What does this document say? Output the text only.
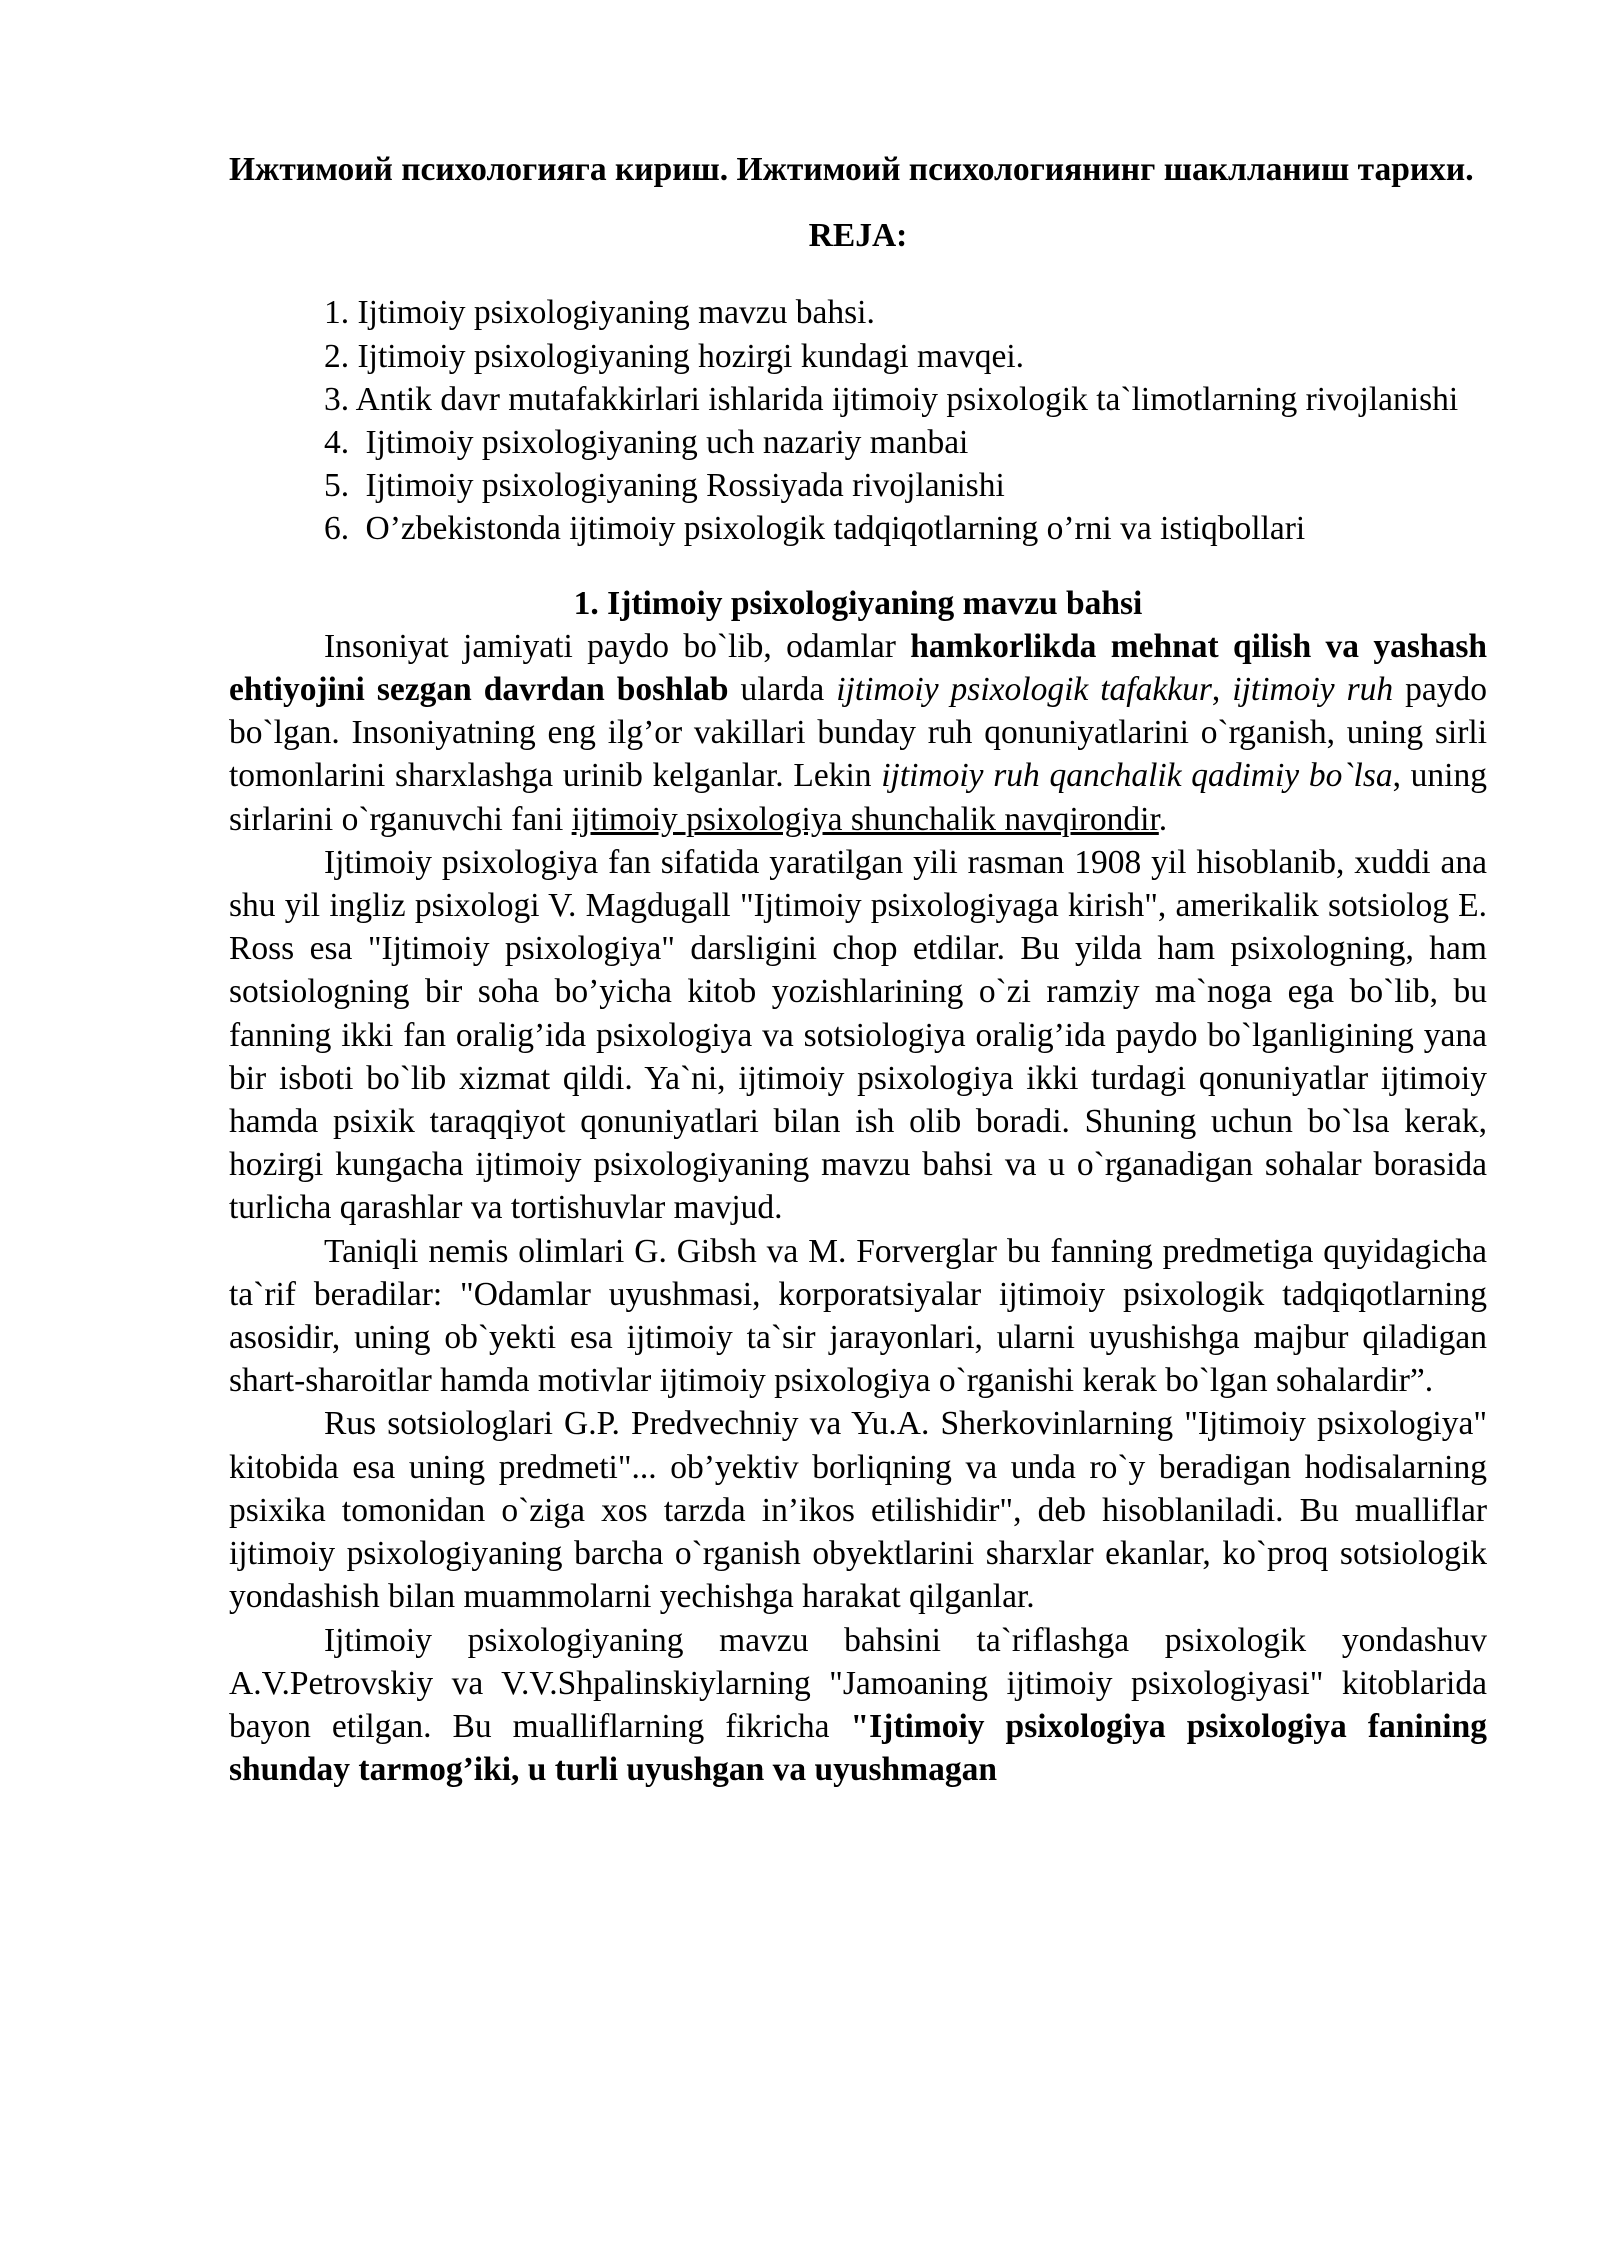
Ижтимоий психологияга кириш. Ижтимоий психологиянинг шаклланиш тарихи.

REJA:

1. Ijtimoiy psixologiyaning mavzu bahsi.

2. Ijtimoiy psixologiyaning hozirgi kundagi mavqei.

3. Antik davr mutafakkirlari ishlarida ijtimoiy psixologik ta`limotlarning rivojlanishi

4. Ijtimoiy psixologiyaning uch nazariy manbai

5. Ijtimoiy psixologiyaning Rossiyada rivojlanishi

6. O’zbekistonda ijtimoiy psixologik tadqiqotlarning o’rni va istiqbollari

1. Ijtimoiy psixologiyaning mavzu bahsi

Insoniyat jamiyati paydo bo`lib, odamlar hamkorlikda mehnat qilish va yashash ehtiyojini sezgan davrdan boshlab ularda ijtimoiy psixologik tafakkur, ijtimoiy ruh paydo bo`lgan. Insoniyatning eng ilg’or vakillari bunday ruh qonuniyatlarini o`rganish, uning sirli tomonlarini sharxlashga urinib kelganlar. Lekin ijtimoiy ruh qanchalik qadimiy bo`lsa, uning sirlarini o`rganuvchi fani ijtimoiy psixologiya shunchalik navqirondir.

Ijtimoiy psixologiya fan sifatida yaratilgan yili rasman 1908 yil hisoblanib, xuddi ana shu yil ingliz psixologi V. Magdugall "Ijtimoiy psixologiyaga kirish", amerikalik sotsiolog E. Ross esa "Ijtimoiy psixologiya" darsligini chop etdilar. Bu yilda ham psixologning, ham sotsiologning bir soha bo’yicha kitob yozishlarining o`zi ramziy ma`noga ega bo`lib, bu fanning ikki fan oralig’ida psixologiya va sotsiologiya oralig’ida paydo bo`lganligining yana bir isboti bo`lib xizmat qildi. Ya`ni, ijtimoiy psixologiya ikki turdagi qonuniyatlar ijtimoiy hamda psixik taraqqiyot qonuniyatlari bilan ish olib boradi. Shuning uchun bo`lsa kerak, hozirgi kungacha ijtimoiy psixologiyaning mavzu bahsi va u o`rganadigan sohalar borasida turlicha qarashlar va tortishuvlar mavjud.

Taniqli nemis olimlari G. Gibsh va M. Forverglar bu fanning predmetiga quyidagicha ta`rif beradilar: "Odamlar uyushmasi, korporatsiyalar ijtimoiy psixologik tadqiqotlarning asosidir, uning ob`yekti esa ijtimoiy ta`sir jarayonlari, ularni uyushishga majbur qiladigan shart-sharoitlar hamda motivlar ijtimoiy psixologiya o`rganishi kerak bo`lgan sohalardir”.

Rus sotsiologlari G.P. Predvechniy va Yu.A. Sherkovinlarning "Ijtimoiy psixologiya" kitobida esa uning predmeti"... ob’yektiv borliqning va unda ro`y beradigan hodisalarning psixika tomonidan o`ziga xos tarzda in’ikos etilishidir", deb hisoblaniladi. Bu mualliflar ijtimoiy psixologiyaning barcha o`rganish obyektlarini sharxlar ekanlar, ko`proq sotsiologik yondashish bilan muammolarni yechishga harakat qilganlar.

Ijtimoiy psixologiyaning mavzu bahsini ta`riflashga psixologik yondashuv A.V.Petrovskiy va V.V.Shpalinskiylarning "Jamoaning ijtimoiy psixologiyasi" kitoblarida bayon etilgan. Bu mualliflarning fikricha "Ijtimoiy psixologiya psixologiya fanining shunday tarmog’iki, u turli uyushgan va uyushmagan
